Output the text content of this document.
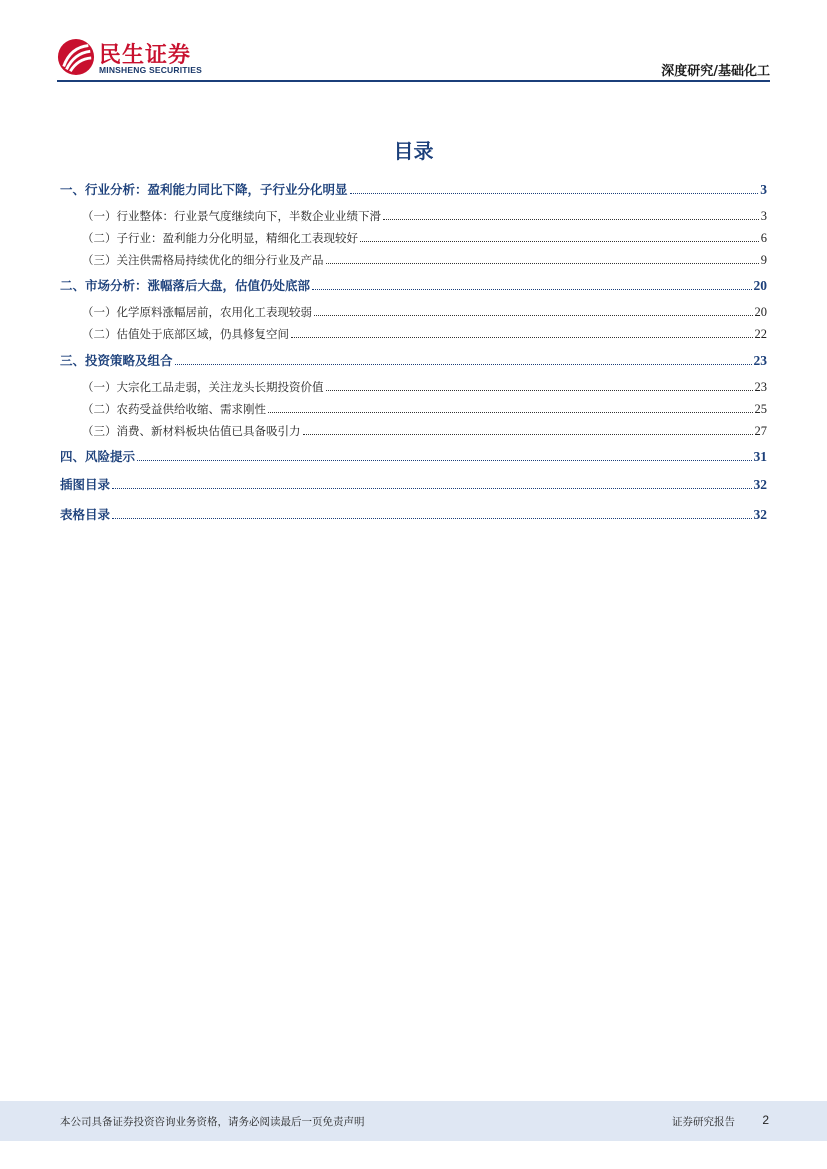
民生证券
MINSHENG SECURITIES	深度研究/基础化工
目录
一、行业分析：盈利能力同比下降，子行业分化明显	3
（一）行业整体：行业景气度继续向下，半数企业业绩下滑	3
（二）子行业：盈利能力分化明显，精细化工表现较好	6
（三）关注供需格局持续优化的细分行业及产品	9
二、市场分析：涨幅落后大盘，估值仍处底部	20
（一）化学原料涨幅居前，农用化工表现较弱	20
（二）估值处于底部区域，仍具修复空间	22
三、投资策略及组合	23
（一）大宗化工品走弱，关注龙头长期投资价值	23
（二）农药受益供给收缩、需求刚性	25
（三）消费、新材料板块估值已具备吸引力	27
四、风险提示	31
插图目录	32
表格目录	32
本公司具备证券投资咨询业务资格，请务必阅读最后一页免责声明	证券研究报告 2
